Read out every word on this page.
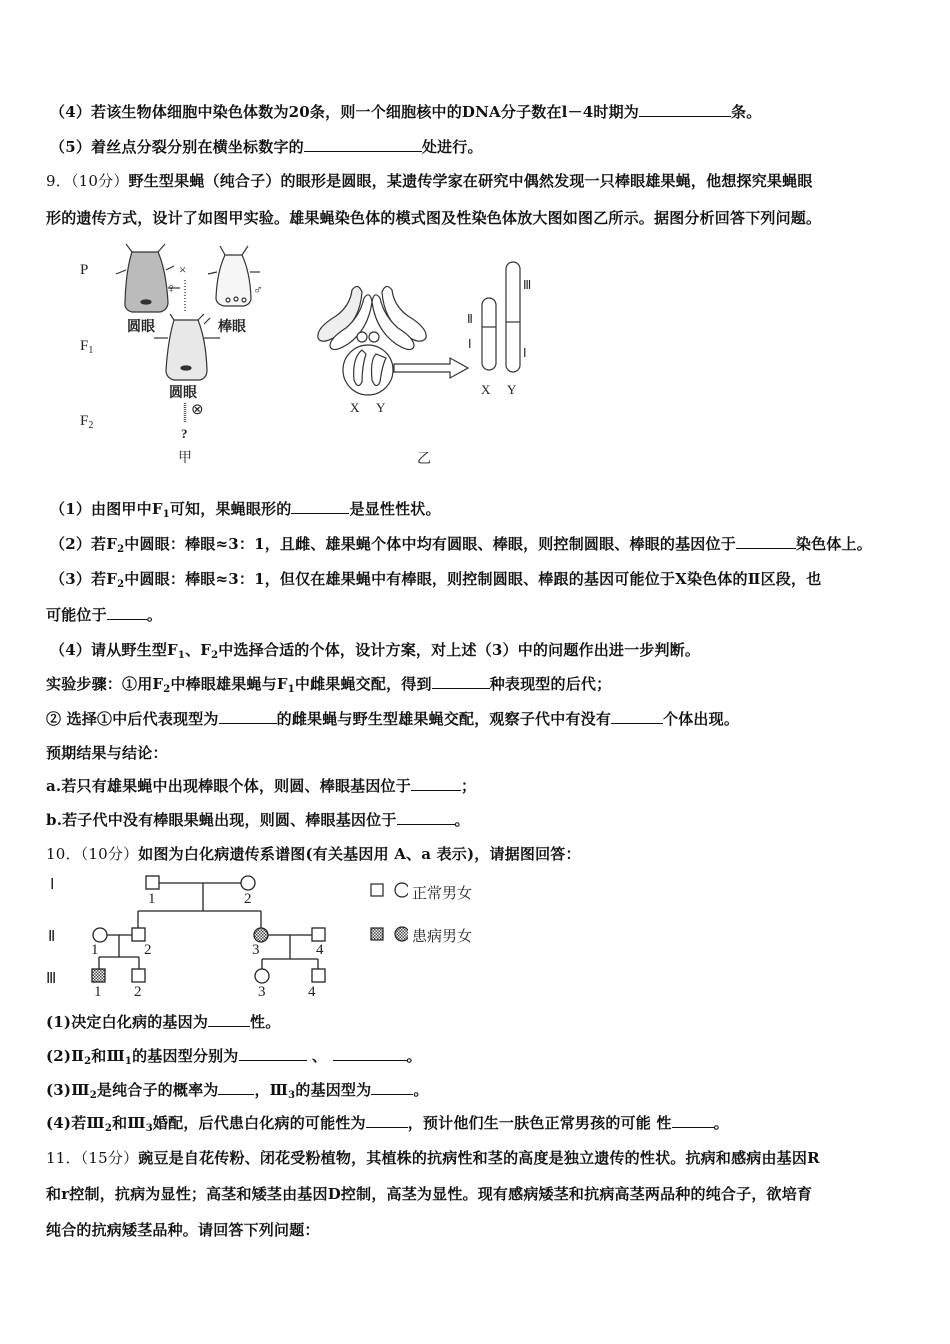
（4）若该生物体细胞中染色体数为20条，则一个细胞核中的DNA分子数在l－4时期为	条。
（5）着丝点分裂分别在横坐标数字的	处进行。
9．（10分）野生型果蝇（纯合子）的眼形是圆眼，某遗传学家在研究中偶然发现一只棒眼雄果蝇，他想探究果蝇眼
形的遗传方式，设计了如图甲实验。雄果蝇染色体的模式图及性染色体放大图如图乙所示。据图分析回答下列问题。
P
$F_1$
$F_2$
×
♀	♂
圆眼	棒眼
圆眼
⊗
?
甲
X Y
X Y
Ⅱ
Ⅰ
Ⅲ
Ⅰ
乙
（1）由图甲中$F_1$可知，果蝇眼形的	是显性性状。
（2）若$F_2$中圆眼：棒眼≈3：1，且雌、雄果蝇个体中均有圆眼、棒眼，则控制圆眼、棒眼的基因位于	染色体上。
（3）若$F_2$中圆眼：棒眼≈3：1，但仅在雄果蝇中有棒眼，则控制圆眼、棒跟的基因可能位于X染色体的Ⅱ区段，也
可能位于	。
（4）请从野生型$F_1$、$F_2$中选择合适的个体，设计方案，对上述（3）中的问题作出进一步判断。
实验步骤：①用$F_2$中棒眼雄果蝇与$F_1$中雌果蝇交配，得到	种表现型的后代；
② 选择①中后代表现型为	的雌果蝇与野生型雄果蝇交配，观察子代中有没有	个体出现。
预期结果与结论：
a.若只有雄果蝇中出现棒眼个体，则圆、棒眼基因位于	；
b.若子代中没有棒眼果蝇出现，则圆、棒眼基因位于	。
10．（10分）如图为白化病遗传系谱图(有关基因用 A、a 表示)，请据图回答：
Ⅰ
Ⅱ
Ⅲ
1	2
1	2	3	4
1 2	3	4
正常男女
患病男女
(1)决定白化病的基因为	性。
$(2)Ⅱ_2$和$Ⅲ_1$的基因型分别为	、	。
$(3)Ⅲ_2$是纯合子的概率为 ，$Ⅲ_3$的基因型为	。
(4)若$Ⅲ_2$和$Ⅲ_3$婚配，后代患白化病的可能性为	，预计他们生一肤色正常男孩的可能 性	。
11．（15分）豌豆是自花传粉、闭花受粉植物，其植株的抗病性和茎的高度是独立遗传的性状。抗病和感病由基因R
和r控制，抗病为显性；高茎和矮茎由基因D控制，高茎为显性。现有感病矮茎和抗病高茎两品种的纯合子，欲培育
纯合的抗病矮茎品种。请回答下列问题：
